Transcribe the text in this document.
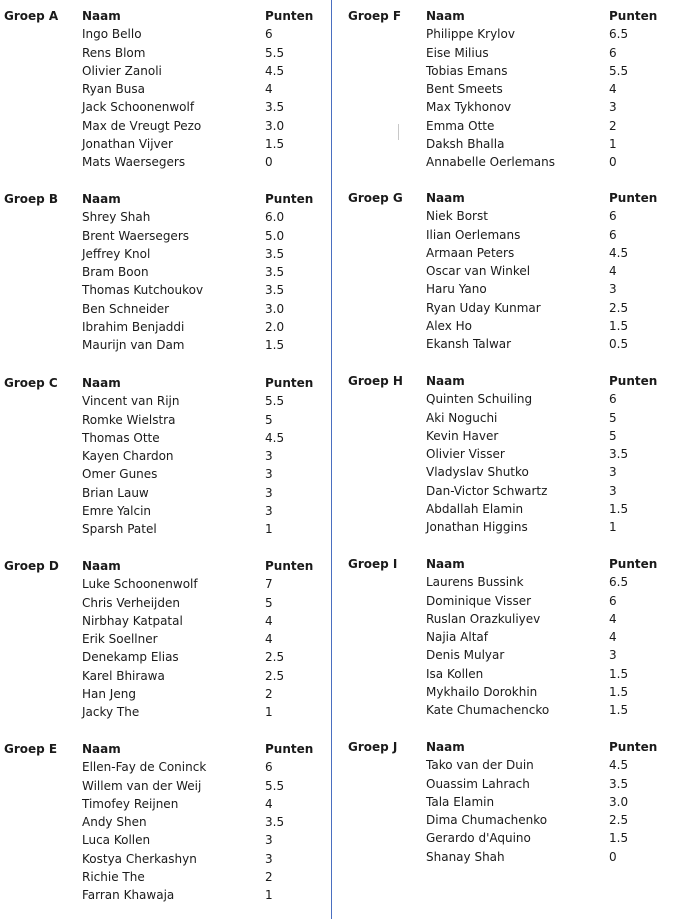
Groep A Naam	Punten
Ingo Bello	6
Rens Blom	5.5
Olivier Zanoli	4.5
Ryan Busa	4
Jack Schoonenwolf	3.5
Max de Vreugt Pezo	3.0
Jonathan Vijver	1.5
Mats Waersegers	0
Groep B Naam	Punten
Shrey Shah	6.0
Brent Waersegers	5.0
Jeffrey Knol	3.5
Bram Boon	3.5
Thomas Kutchoukov	3.5
Ben Schneider	3.0
Ibrahim Benjaddi	2.0
Maurijn van Dam	1.5
Groep C Naam	Punten
Vincent van Rijn	5.5
Romke Wielstra	5
Thomas Otte	4.5
Kayen Chardon	3
Omer Gunes	3
Brian Lauw	3
Emre Yalcin	3
Sparsh Patel	1
Groep D Naam	Punten
Luke Schoonenwolf	7
Chris Verheijden	5
Nirbhay Katpatal	4
Erik Soellner	4
Denekamp Elias	2.5
Karel Bhirawa	2.5
Han Jeng	2
Jacky The	1
Groep E Naam	Punten
Ellen-Fay de Coninck	6
Willem van der Weij	5.5
Timofey Reijnen	4
Andy Shen	3.5
Luca Kollen	3
Kostya Cherkashyn	3
Richie The	2
Farran Khawaja	1
Groep F Naam	Punten
Philippe Krylov	6.5
Eise Milius	6
Tobias Emans	5.5
Bent Smeets	4
Max Tykhonov	3
Emma Otte	2
Daksh Bhalla	1
Annabelle Oerlemans	0
Groep G Naam	Punten
Niek Borst	6
Ilian Oerlemans	6
Armaan Peters	4.5
Oscar van Winkel	4
Haru Yano	3
Ryan Uday Kunmar	2.5
Alex Ho	1.5
Ekansh Talwar	0.5
Groep H Naam	Punten
Quinten Schuiling	6
Aki Noguchi	5
Kevin Haver	5
Olivier Visser	3.5
Vladyslav Shutko	3
Dan-Victor Schwartz	3
Abdallah Elamin	1.5
Jonathan Higgins	1
Groep I Naam	Punten
Laurens Bussink	6.5
Dominique Visser	6
Ruslan Orazkuliyev	4
Najia Altaf	4
Denis Mulyar	3
Isa Kollen	1.5
Mykhailo Dorokhin	1.5
Kate Chumachencko	1.5
Groep J Naam	Punten
Tako van der Duin	4.5
Ouassim Lahrach	3.5
Tala Elamin	3.0
Dima Chumachenko	2.5
Gerardo d'Aquino	1.5
Shanay Shah	0
